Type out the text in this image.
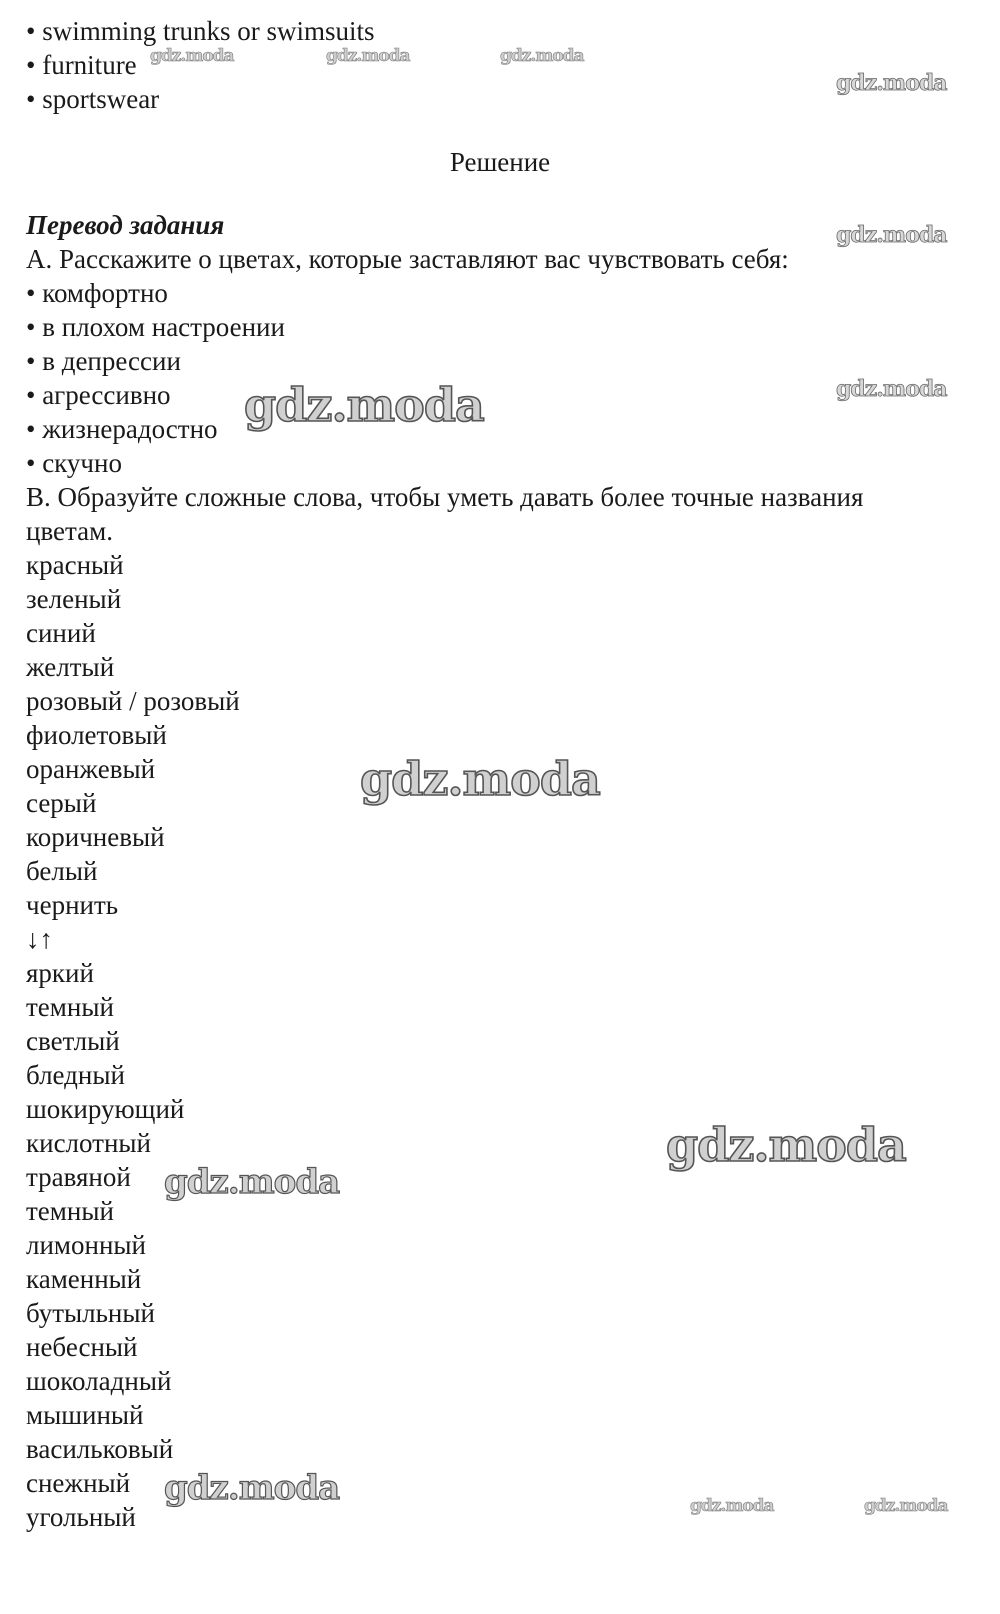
• swimming trunks or swimsuits
• furniture
• sportswear
Решение
Перевод задания
А. Расскажите о цветах, которые заставляют вас чувствовать себя:
• комфортно
• в плохом настроении
• в депрессии
• агрессивно
• жизнерадостно
• скучно
В. Образуйте сложные слова, чтобы уметь давать более точные названия
цветам.
красный
зеленый
синий
желтый
розовый / розовый
фиолетовый
оранжевый
серый
коричневый
белый
чернить
↓↑
яркий
темный
светлый
бледный
шокирующий
кислотный
травяной
темный
лимонный
каменный
бутыльный
небесный
шоколадный
мышиный
васильковый
снежный
угольный
gdz.moda	gdz.moda	gdz.moda
gdz.moda
gdz.moda
gdz.moda
gdz.moda
gdz.moda
gdz.moda
gdz.moda
gdz.moda	gdz.moda	gdz.moda
